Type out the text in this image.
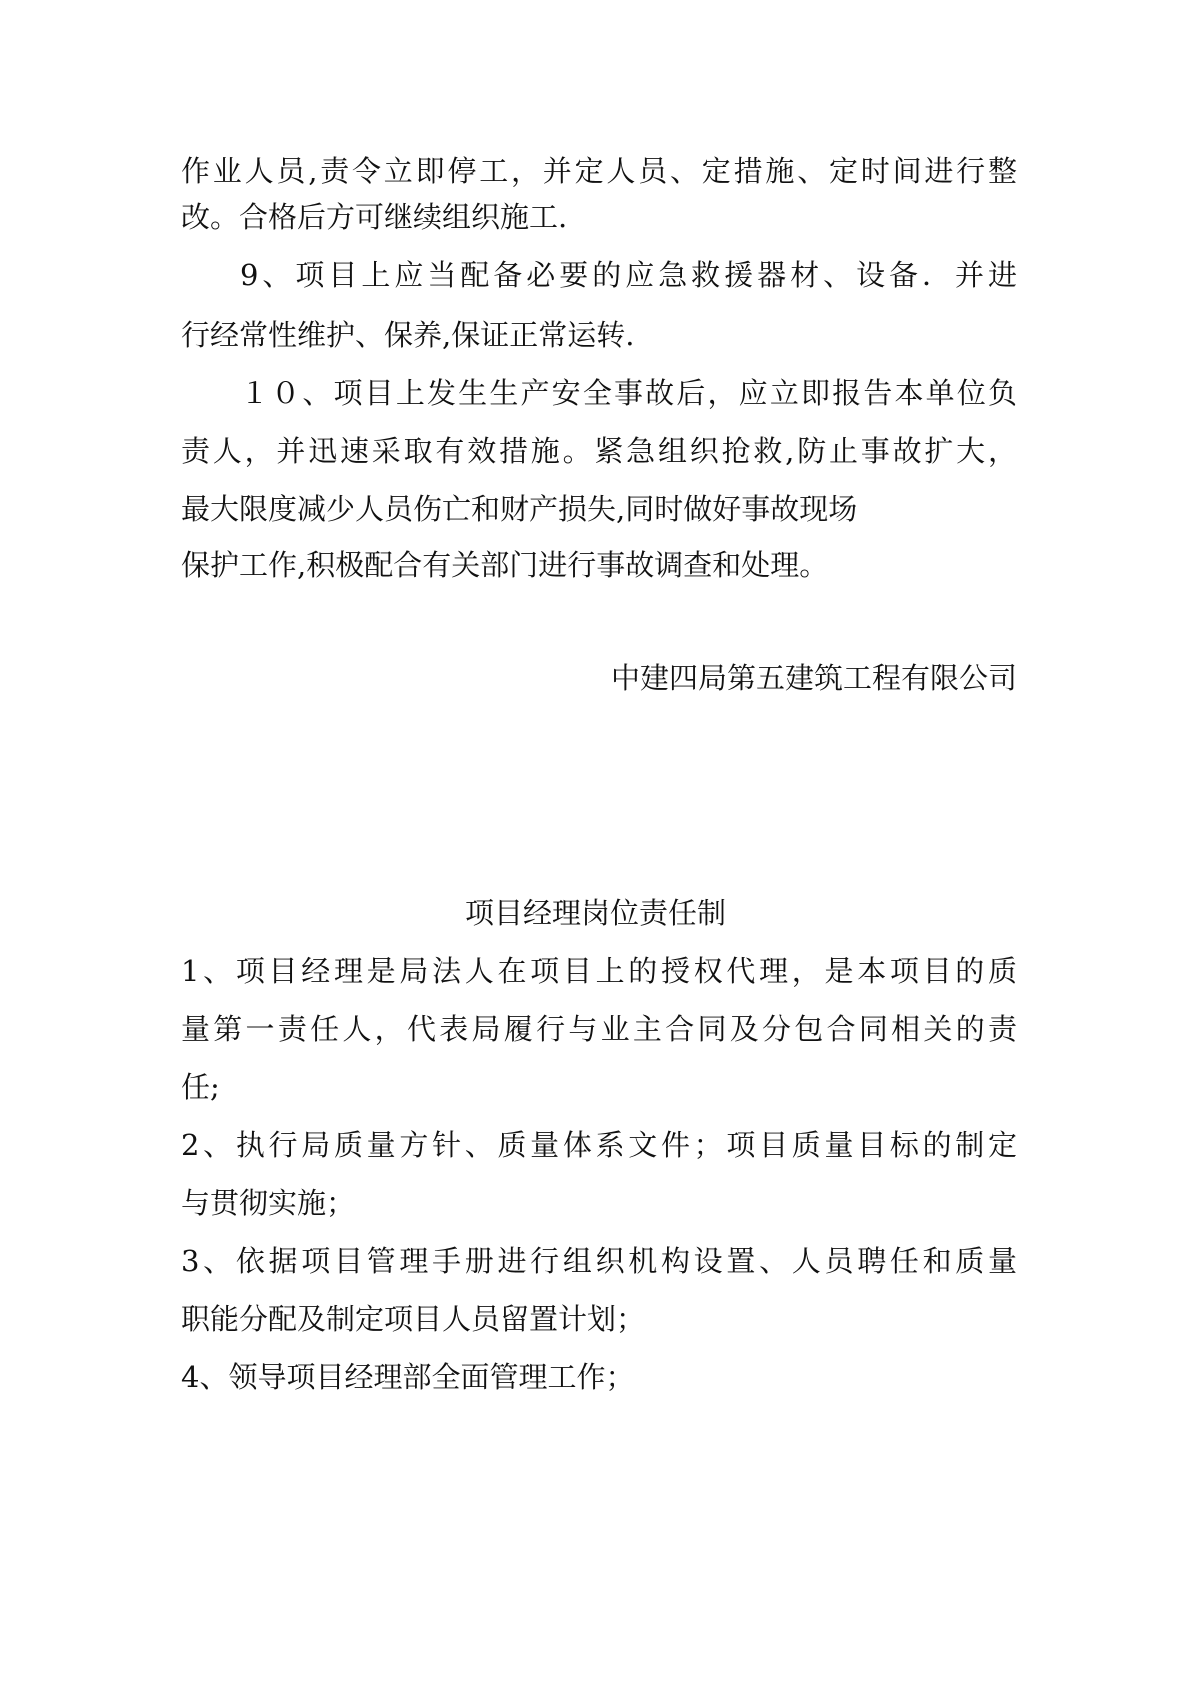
作业人员,责令立即停工，并定人员、定措施、定时间进行整
改。合格后方可继续组织施工.
9、项目上应当配备必要的应急救援器材、设备．并进
行经常性维护、保养,保证正常运转.
１０、项目上发生生产安全事故后，应立即报告本单位负
责人，并迅速采取有效措施。紧急组织抢救,防止事故扩大，
最大限度减少人员伤亡和财产损失,同时做好事故现场
保护工作,积极配合有关部门进行事故调查和处理。
中建四局第五建筑工程有限公司
项目经理岗位责任制
1、项目经理是局法人在项目上的授权代理，是本项目的质
量第一责任人，代表局履行与业主合同及分包合同相关的责
任;
2、执行局质量方针、质量体系文件；项目质量目标的制定
与贯彻实施；
3、依据项目管理手册进行组织机构设置、人员聘任和质量
职能分配及制定项目人员留置计划；
4、领导项目经理部全面管理工作；
